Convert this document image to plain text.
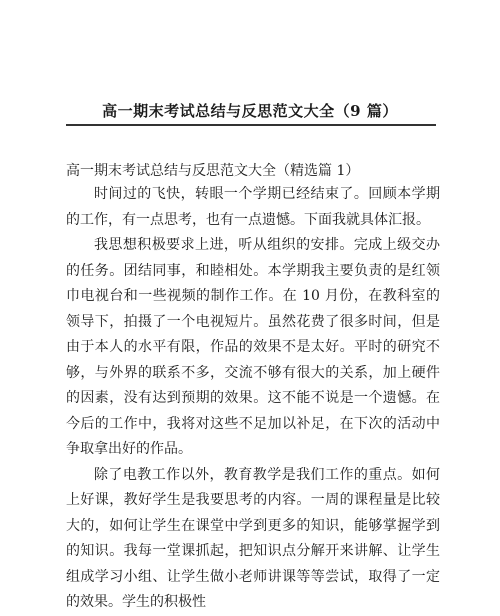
高一期末考试总结与反思范文大全（9 篇）
高一期末考试总结与反思范文大全（精选篇 1）

时间过的飞快，转眼一个学期已经结束了。回顾本学期的工作，有一点思考，也有一点遗憾。下面我就具体汇报。

我思想积极要求上进，听从组织的安排。完成上级交办的任务。团结同事，和睦相处。本学期我主要负责的是红领巾电视台和一些视频的制作工作。在 10 月份，在教科室的领导下，拍摄了一个电视短片。虽然花费了很多时间，但是由于本人的水平有限，作品的效果不是太好。平时的研究不够，与外界的联系不多，交流不够有很大的关系，加上硬件的因素，没有达到预期的效果。这不能不说是一个遗憾。在今后的工作中，我将对这些不足加以补足，在下次的活动中争取拿出好的作品。

除了电教工作以外，教育教学是我们工作的重点。如何上好课，教好学生是我要思考的内容。一周的课程量是比较大的，如何让学生在课堂中学到更多的知识，能够掌握学到的知识。我每一堂课抓起，把知识点分解开来讲解、让学生组成学习小组、让学生做小老师讲课等等尝试，取得了一定的效果。学生的积极性
